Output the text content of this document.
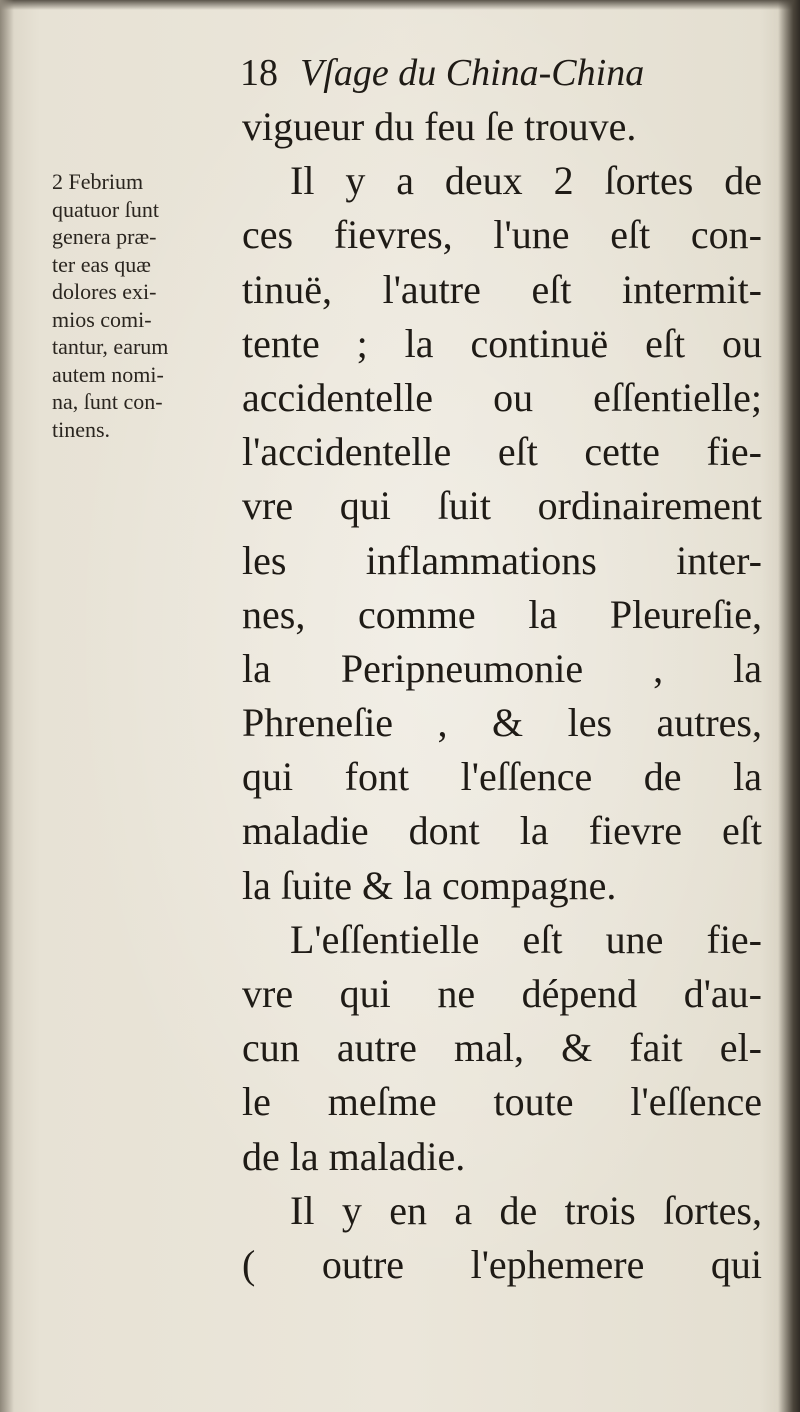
18 Vſage du China-China
2 Febrium
quatuor ſunt
genera præ-
ter eas quæ
dolores exi-
mios comi-
tantur, earum
autem nomi-
na, ſunt con-
tinens.
vigueur du feu ſe trouve.
Il y a deux 2 ſortes de
ces fievres, l'une eſt con-
tinuë, l'autre eſt intermit-
tente ; la continuë eſt ou
accidentelle ou eſſentielle;
l'accidentelle eſt cette fie-
vre qui ſuit ordinairement
les inflammations inter-
nes, comme la Pleureſie,
la Peripneumonie , la
Phreneſie , & les autres,
qui font l'eſſence de la
maladie dont la fievre eſt
la ſuite & la compagne.
L'eſſentielle eſt une fie-
vre qui ne dépend d'au-
cun autre mal, & fait el-
le meſme toute l'eſſence
de la maladie.
Il y en a de trois ſortes,
( outre l'ephemere qui
